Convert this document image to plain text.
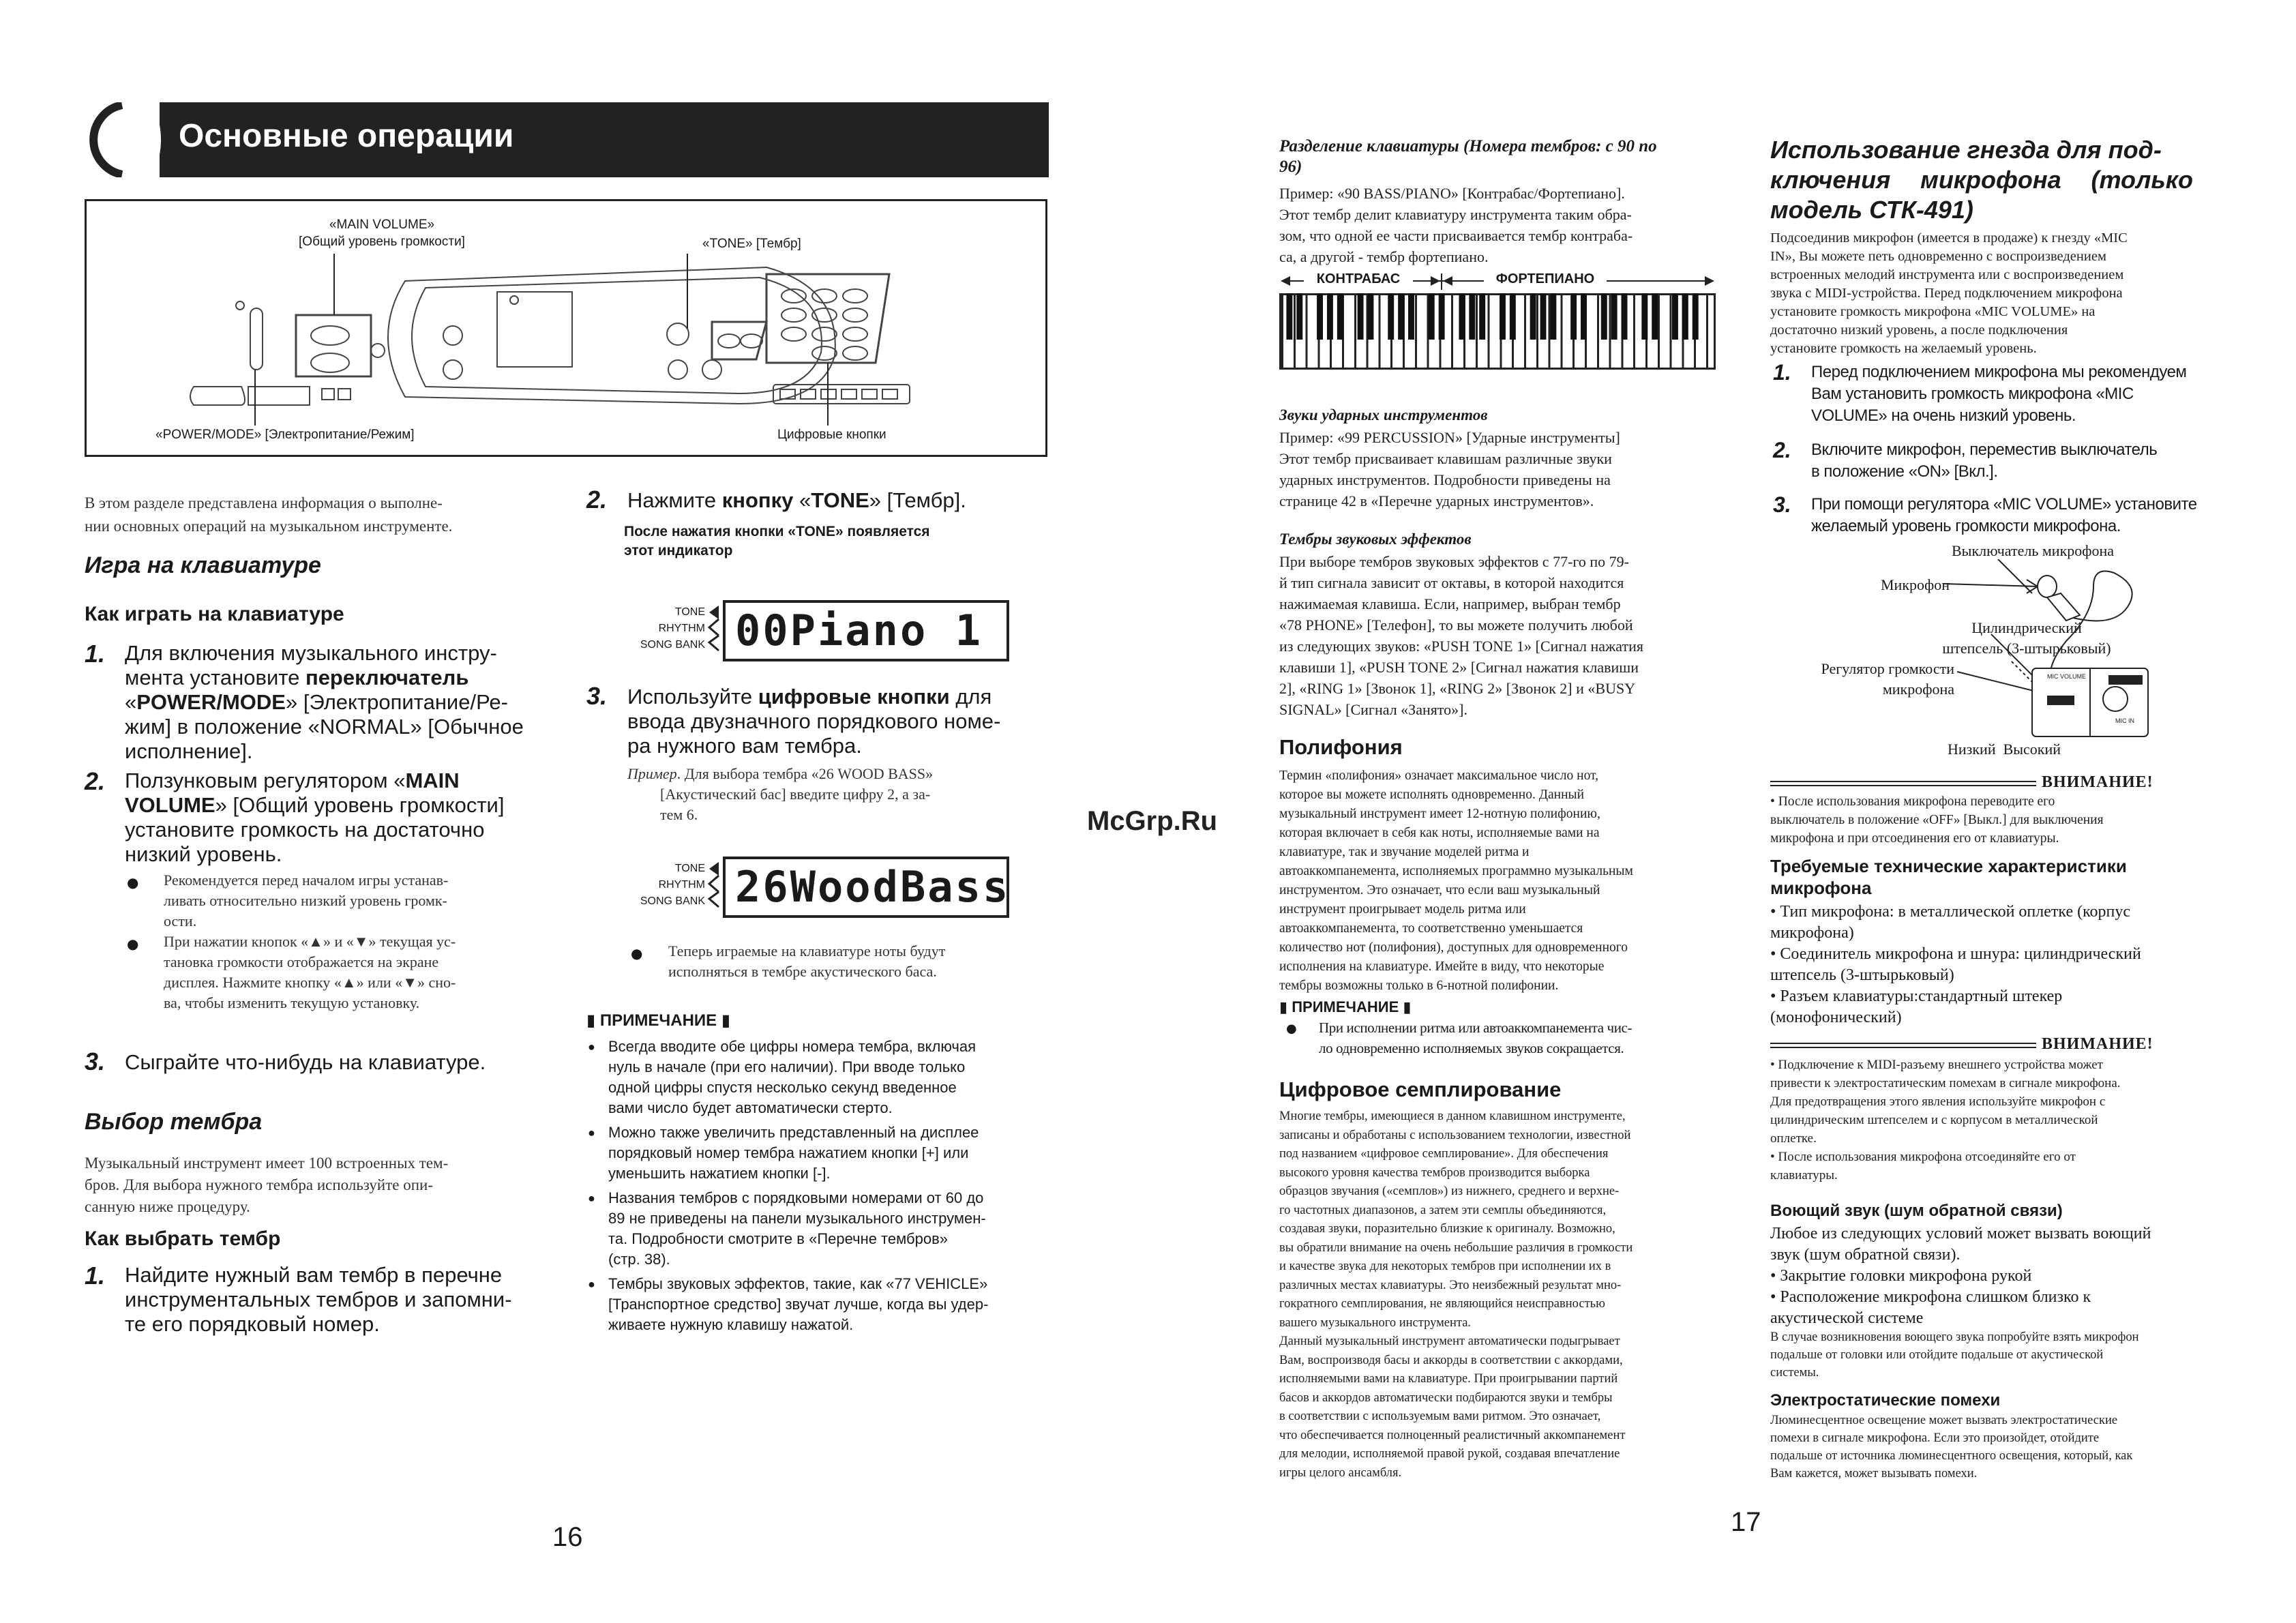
Основные операции
«MAIN VOLUME»
[Общий уровень громкости]	«TONE» [Тембр]
«POWER/MODE» [Электропитание/Режим]	Цифровые кнопки
В этом разделе представлена информация о выполне-
нии основных операций на музыкальном инструменте.
Игра на клавиатуре
Как играть на клавиатуре
1. Для включения музыкального инстру-
мента установите переключатель
«POWER/MODE» [Электропитание/Ре-
жим] в положение «NORMAL» [Обычное
исполнение].
2. Ползунковым регулятором «MAIN
VOLUME» [Общий уровень громкости]
установите громкость на достаточно
низкий уровень.
● Рекомендуется перед началом игры устанав-
ливать относительно низкий уровень громк-
ости.
● При нажатии кнопок «▲» и «▼» текущая ус-
тановка громкости отображается на экране
дисплея. Нажмите кнопку «▲» или «▼» сно-
ва, чтобы изменить текущую установку.
3. Сыграйте что-нибудь на клавиатуре.
Выбор тембра
Музыкальный инструмент имеет 100 встроенных тем-
бров. Для выбора нужного тембра используйте опи-
санную ниже процедуру.
Как выбрать тембр
1. Найдите нужный вам тембр в перечне
инструментальных тембров и запомни-
те его порядковый номер.
2. Нажмите кнопку «TONE» [Тембр].
После нажатия кнопки «TONE» появляется
этот индикатор
TONE
RHYTHM
SONG BANK 00Piano 1
3. Используйте цифровые кнопки для
ввода двузначного порядкового номе-
ра нужного вам тембра.
Пример. Для выбора тембра «26 WOOD BASS»
[Акустический бас] введите цифру 2, а за-
тем 6.
TONE
RHYTHM
SONG BANK 26WoodBass
● Теперь играемые на клавиатуре ноты будут
исполняться в тембре акустического баса.
▮ ПРИМЕЧАНИЕ ▮
● Всегда вводите обе цифры номера тембра, включая
нуль в начале (при его наличии). При вводе только
одной цифры спустя несколько секунд введенное
вами число будет автоматически стерто.
● Можно также увеличить представленный на дисплее
порядковый номер тембра нажатием кнопки [+] или
уменьшить нажатием кнопки [-].
● Названия тембров с порядковыми номерами от 60 до
89 не приведены на панели музыкального инструмен-
та. Подробности смотрите в «Перечне тембров»
(стр. 38).
● Тембры звуковых эффектов, такие, как «77 VEHICLE»
[Транспортное средство] звучат лучше, когда вы удер-
живаете нужную клавишу нажатой.
16
McGrp.Ru
Разделение клавиатуры (Номера тембров: с 90 по
96)
Пример: «90 BASS/PIANO» [Контрабас/Фортепиано].
Этот тембр делит клавиатуру инструмента таким обра-
зом, что одной ее части присваивается тембр контраба-
са, а другой - тембр фортепиано.
КОНТРАБАС	ФОРТЕПИАНО
Звуки ударных инструментов
Пример: «99 PERCUSSION» [Ударные инструменты]
Этот тембр присваивает клавишам различные звуки
ударных инструментов. Подробности приведены на
странице 42 в «Перечне ударных инструментов».
Тембры звуковых эффектов
При выборе тембров звуковых эффектов с 77-го по 79-
й тип сигнала зависит от октавы, в которой находится
нажимаемая клавиша. Если, например, выбран тембр
«78 PHONE» [Телефон], то вы можете получить любой
из следующих звуков: «PUSH TONE 1» [Сигнал нажатия
клавиши 1], «PUSH TONE 2» [Сигнал нажатия клавиши
2], «RING 1» [Звонок 1], «RING 2» [Звонок 2] и «BUSY
SIGNAL» [Сигнал «Занято»].
Полифония
Термин «полифония» означает максимальное число нот,
которое вы можете исполнять одновременно. Данный
музыкальный инструмент имеет 12-нотную полифонию,
которая включает в себя как ноты, исполняемые вами на
клавиатуре, так и звучание моделей ритма и
автоаккомпанемента, исполняемых программно музыкальным
инструментом. Это означает, что если ваш музыкальный
инструмент проигрывает модель ритма или
автоаккомпанемента, то соответственно уменьшается
количество нот (полифония), доступных для одновременного
исполнения на клавиатуре. Имейте в виду, что некоторые
тембры возможны только в 6-нотной полифонии.
▮ ПРИМЕЧАНИЕ ▮
● При исполнении ритма или автоаккомпанемента чис-
ло одновременно исполняемых звуков сокращается.
Цифровое семплирование
Многие тембры, имеющиеся в данном клавишном инструменте,
записаны и обработаны с использованием технологии, известной
под названием «цифровое семплирование». Для обеспечения
высокого уровня качества тембров производится выборка
образцов звучания («семплов») из нижнего, среднего и верхне-
го частотных диапазонов, а затем эти семплы объединяются,
создавая звуки, поразительно близкие к оригиналу. Возможно,
вы обратили внимание на очень небольшие различия в громкости
и качестве звука для некоторых тембров при исполнении их в
различных местах клавиатуры. Это неизбежный результат мно-
гократного семплирования, не являющийся неисправностью
вашего музыкального инструмента.
Данный музыкальный инструмент автоматически подыгрывает
Вам, воспроизводя басы и аккорды в соответствии с аккордами,
исполняемыми вами на клавиатуре. При проигрывании партий
басов и аккордов автоматически подбираются звуки и тембры
в соответствии с используемым вами ритмом. Это означает,
что обеспечивается полноценный реалистичный аккомпанемент
для мелодии, исполняемой правой рукой, создавая впечатление
игры целого ансамбля.
Использование гнезда для под-
ключения микрофона (только
модель СТК-491)
Подсоединив микрофон (имеется в продаже) к гнезду «MIC
IN», Вы можете петь одновременно с воспроизведением
встроенных мелодий инструмента или с воспроизведением
звука с MIDI-устройства. Перед подключением микрофона
установите громкость микрофона «MIC VOLUME» на
достаточно низкий уровень, а после подключения
установите громкость на желаемый уровень.
1. Перед подключением микрофона мы рекомендуем
Вам установить громкость микрофона «MIC
VOLUME» на очень низкий уровень.
2. Включите микрофон, переместив выключатель
в положение «ON» [Вкл.].
3. При помощи регулятора «MIC VOLUME» установите
желаемый уровень громкости микрофона.
Выключатель микрофона
Микрофон
Цилиндрический
штепсель (3-штырьковый)
Регулятор громкости
микрофона
Низкий  Высокий
MIC VOLUME
MIC IN
ВНИМАНИЕ!
• После использования микрофона переводите его
выключатель в положение «OFF» [Выкл.] для выключения
микрофона и при отсоединения его от клавиатуры.
Требуемые технические характеристики
микрофона
• Тип микрофона: в металлической оплетке (корпус
микрофона)
• Соединитель микрофона и шнура: цилиндрический
штепсель (3-штырьковый)
• Разъем клавиатуры:стандартный штекер
(монофонический)
ВНИМАНИЕ!
• Подключение к MIDI-разъему внешнего устройства может
привести к электростатическим помехам в сигнале микрофона.
Для предотвращения этого явления используйте микрофон с
цилиндрическим штепселем и с корпусом в металлической
оплетке.
• После использования микрофона отсоединяйте его от
клавиатуры.
Воющий звук (шум обратной связи)
Любое из следующих условий может вызвать воющий
звук (шум обратной связи).
• Закрытие головки микрофона рукой
• Расположение микрофона слишком близко к
акустической системе
В случае возникновения воющего звука попробуйте взять микрофон
подальше от головки или отойдите подальше от акустической
системы.
Электростатические помехи
Люминесцентное освещение может вызвать электростатические
помехи в сигнале микрофона. Если это произойдет, отойдите
подальше от источника люминесцентного освещения, который, как
Вам кажется, может вызывать помехи.
17
